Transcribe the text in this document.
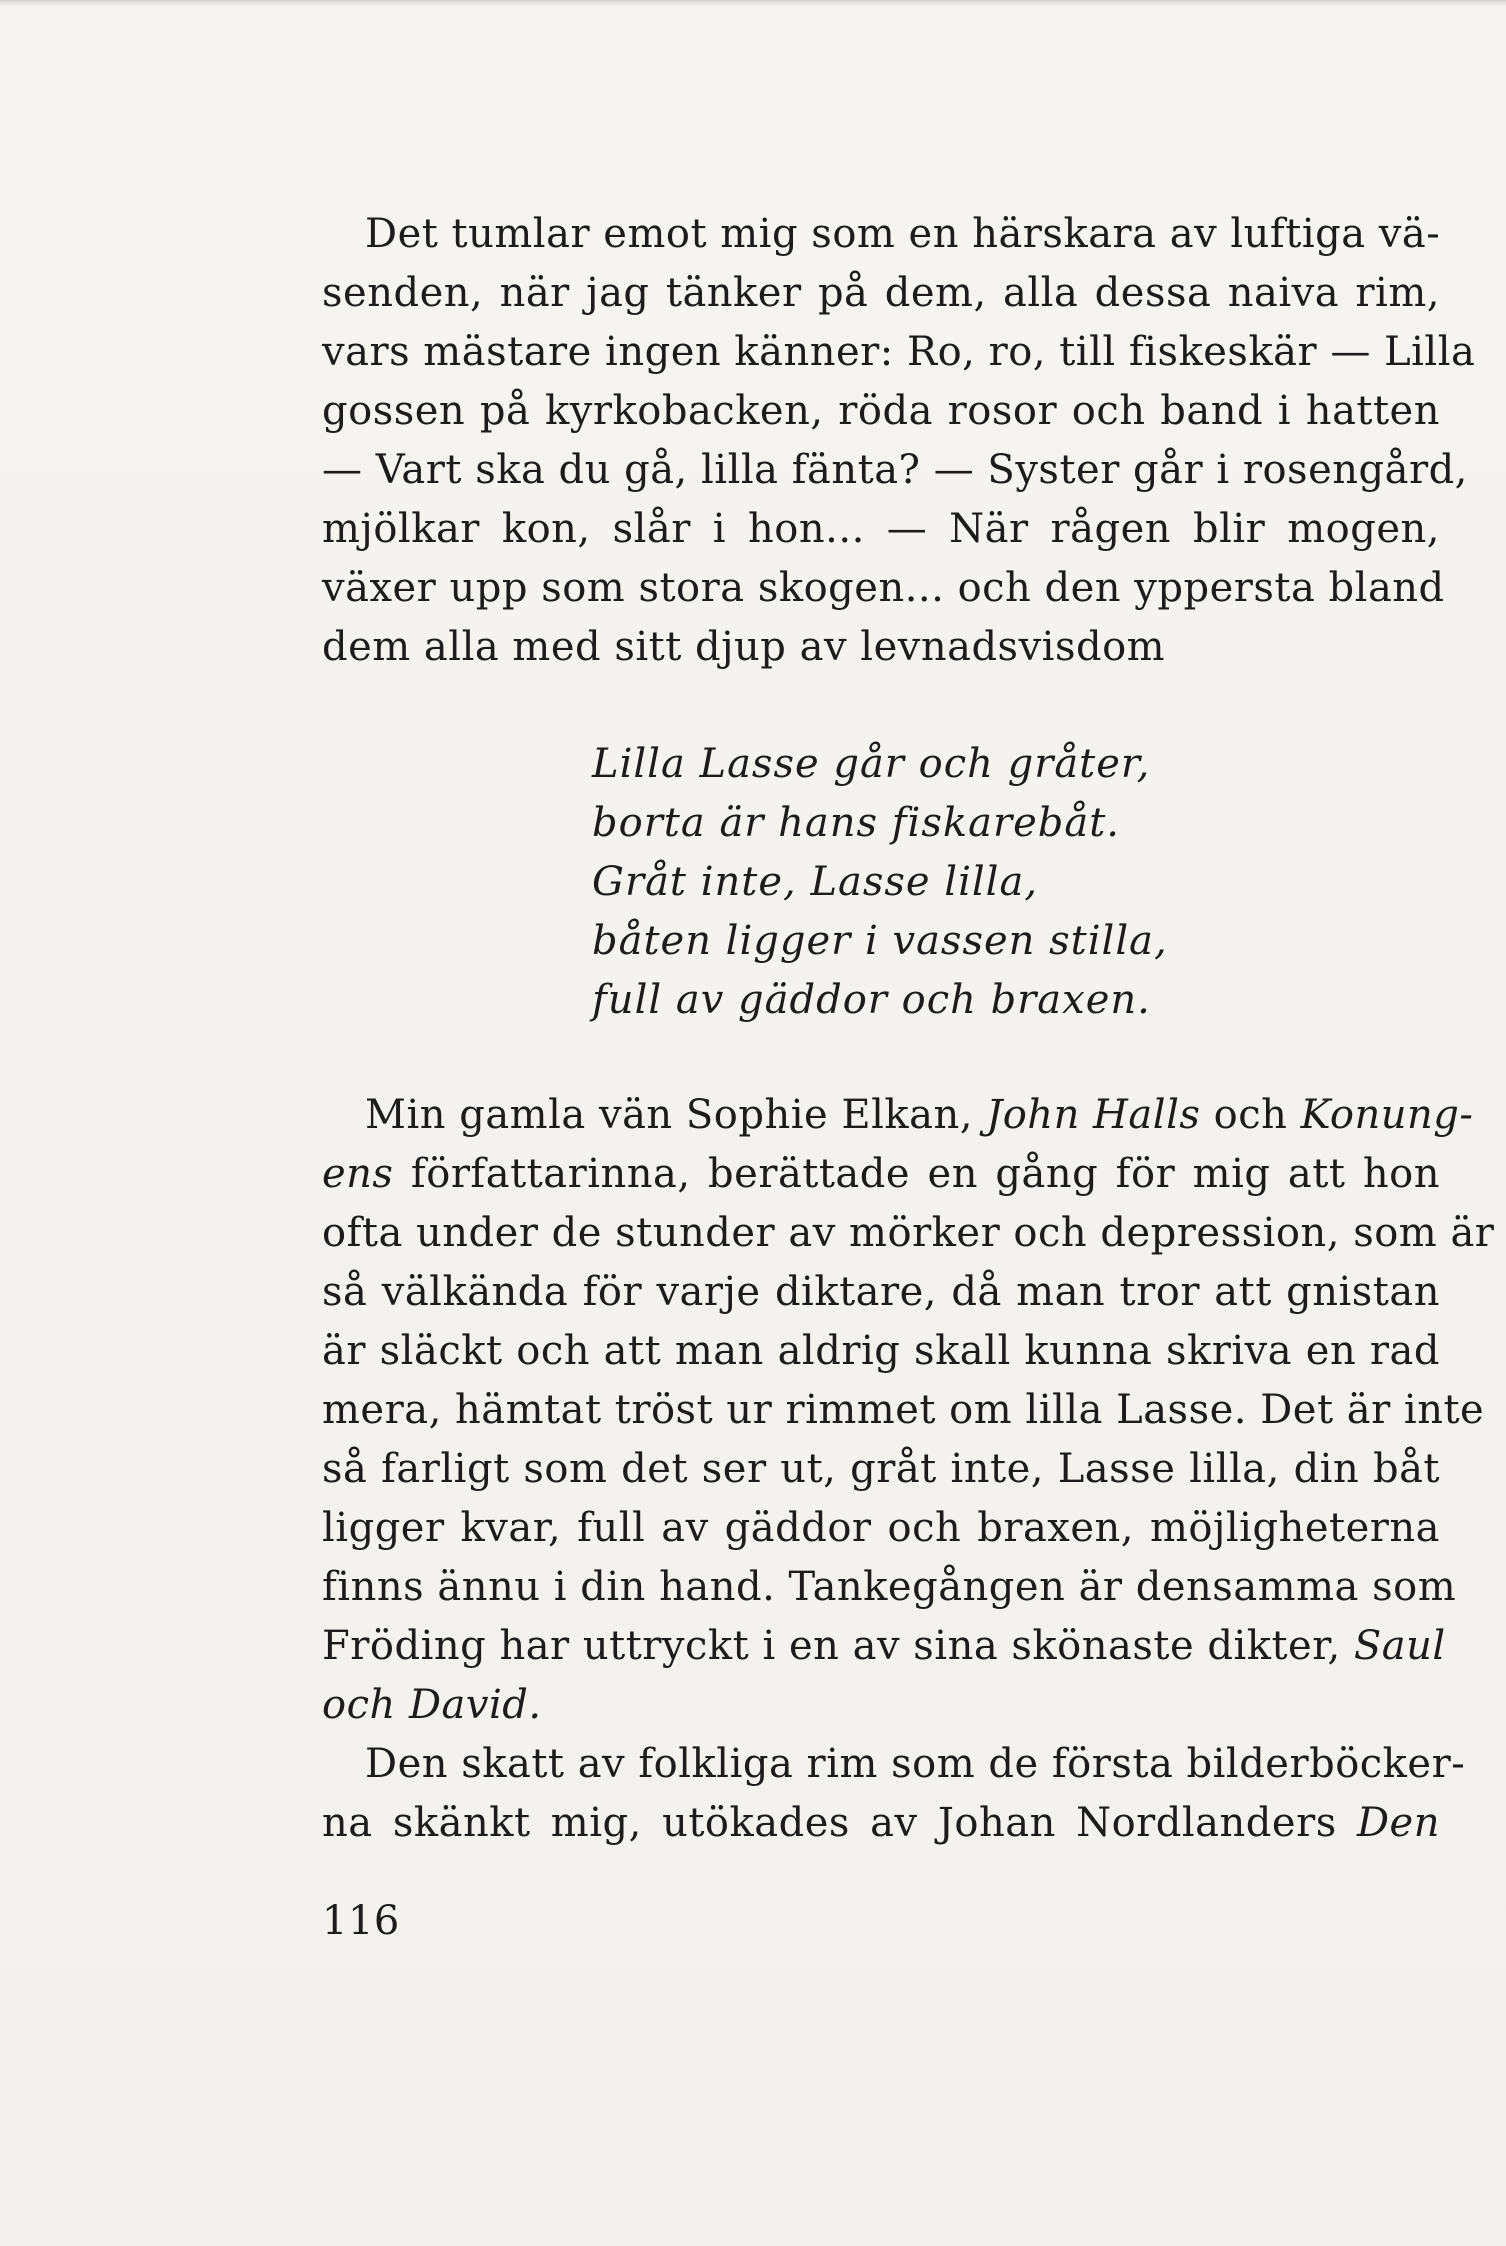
Det tumlar emot mig som en härskara av luftiga vä-
senden, när jag tänker på dem, alla dessa naiva rim,
vars mästare ingen känner: Ro, ro, till fiskeskär — Lilla
gossen på kyrkobacken, röda rosor och band i hatten
— Vart ska du gå, lilla fänta? — Syster går i rosengård,
mjölkar kon, slår i hon... — När rågen blir mogen,
växer upp som stora skogen... och den yppersta bland
dem alla med sitt djup av levnadsvisdom
Lilla Lasse går och gråter,
borta är hans fiskarebåt.
Gråt inte, Lasse lilla,
båten ligger i vassen stilla,
full av gäddor och braxen.
Min gamla vän Sophie Elkan, John Halls och Konung-
ens författarinna, berättade en gång för mig att hon
ofta under de stunder av mörker och depression, som är
så välkända för varje diktare, då man tror att gnistan
är släckt och att man aldrig skall kunna skriva en rad
mera, hämtat tröst ur rimmet om lilla Lasse. Det är inte
så farligt som det ser ut, gråt inte, Lasse lilla, din båt
ligger kvar, full av gäddor och braxen, möjligheterna
finns ännu i din hand. Tankegången är densamma som
Fröding har uttryckt i en av sina skönaste dikter, Saul
och David.
Den skatt av folkliga rim som de första bilderböcker-
na skänkt mig, utökades av Johan Nordlanders Den
116
